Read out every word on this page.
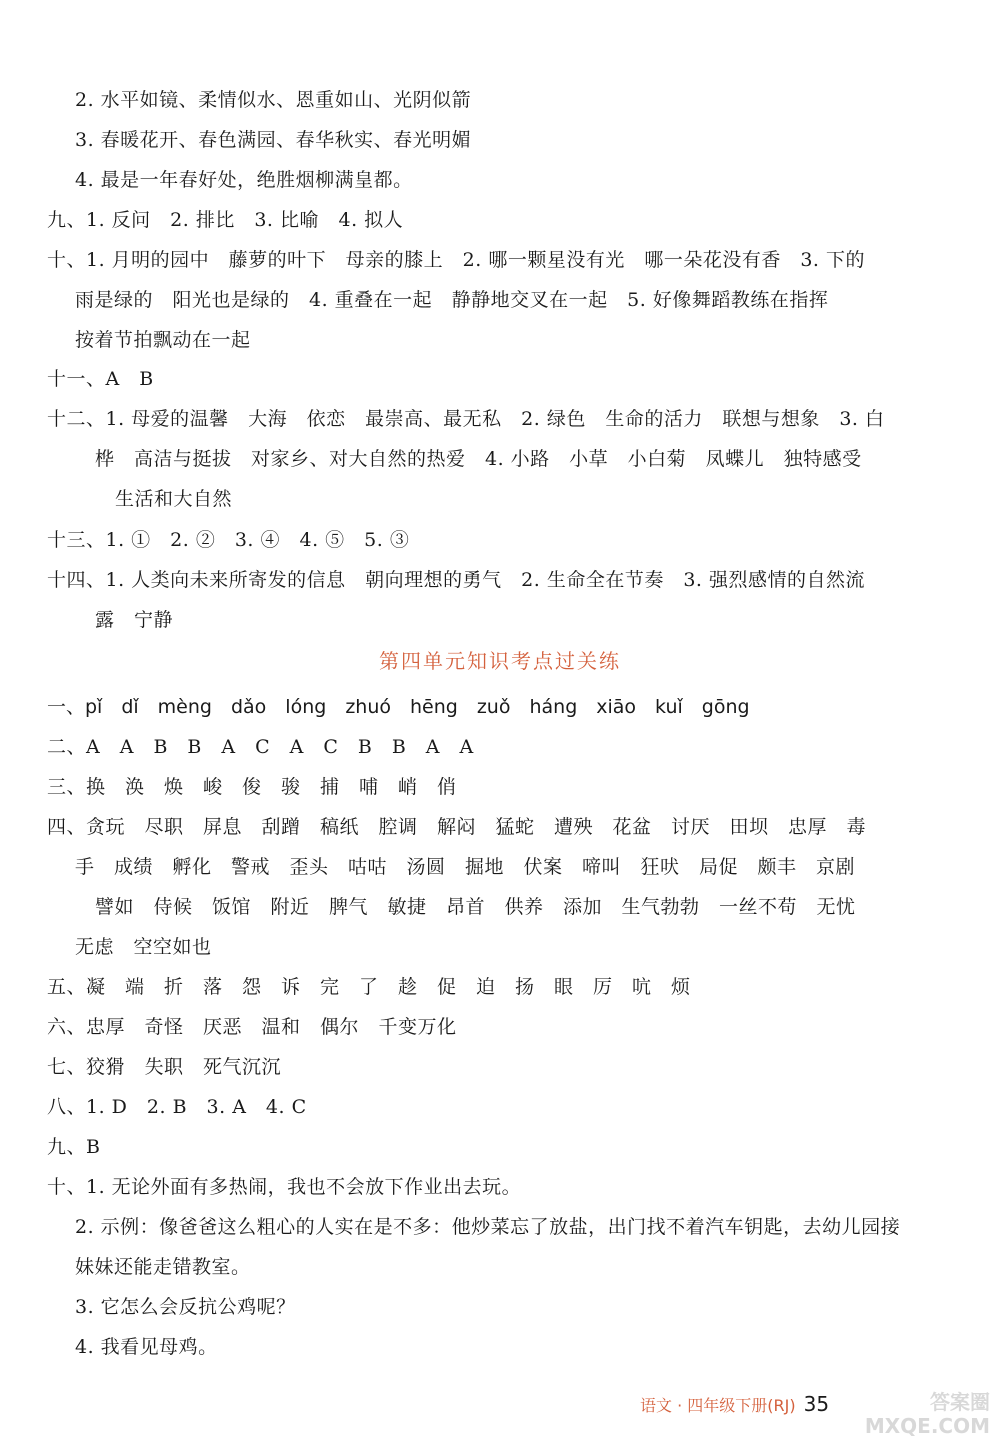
2. 水平如镜、柔情似水、恩重如山、光阴似箭
3. 春暖花开、春色满园、春华秋实、春光明媚
4. 最是一年春好处，绝胜烟柳满皇都。
九、1. 反问　2. 排比　3. 比喻　4. 拟人
十、1. 月明的园中　藤萝的叶下　母亲的膝上　2. 哪一颗星没有光　哪一朵花没有香　3. 下的
雨是绿的　阳光也是绿的　4. 重叠在一起　静静地交叉在一起　5. 好像舞蹈教练在指挥
按着节拍飘动在一起
十一、A　B
十二、1. 母爱的温馨　大海　依恋　最崇高、最无私　2. 绿色　生命的活力　联想与想象　3. 白
桦　高洁与挺拔　对家乡、对大自然的热爱　4. 小路　小草　小白菊　凤蝶儿　独特感受
生活和大自然
十三、1. ①　2. ②　3. ④　4. ⑤　5. ③
十四、1. 人类向未来所寄发的信息　朝向理想的勇气　2. 生命全在节奏　3. 强烈感情的自然流
露　宁静
第四单元知识考点过关练
一、pǐ　dǐ　mèng　dǎo　lóng　zhuó　hēng　zuǒ　háng　xiāo　kuǐ　gōng
二、A　A　B　B　A　C　A　C　B　B　A　A
三、换　涣　焕　峻　俊　骏　捕　哺　峭　俏
四、贪玩　尽职　屏息　刮蹭　稿纸　腔调　解闷　猛蛇　遭殃　花盆　讨厌　田坝　忠厚　毒
手　成绩　孵化　警戒　歪头　咕咕　汤圆　掘地　伏案　啼叫　狂吠　局促　颇丰　京剧
譬如　侍候　饭馆　附近　脾气　敏捷　昂首　供养　添加　生气勃勃　一丝不苟　无忧
无虑　空空如也
五、凝　端　折　落　怨　诉　完　了　趁　促　迫　扬　眼　厉　吭　烦
六、忠厚　奇怪　厌恶　温和　偶尔　千变万化
七、狡猾　失职　死气沉沉
八、1. D　2. B　3. A　4. C
九、B
十、1. 无论外面有多热闹，我也不会放下作业出去玩。
2. 示例：像爸爸这么粗心的人实在是不多：他炒菜忘了放盐，出门找不着汽车钥匙，去幼儿园接
妹妹还能走错教室。
3. 它怎么会反抗公鸡呢？
4. 我看见母鸡。
语文 · 四年级下册(RJ) 35	答案圈 MXQE.COM
